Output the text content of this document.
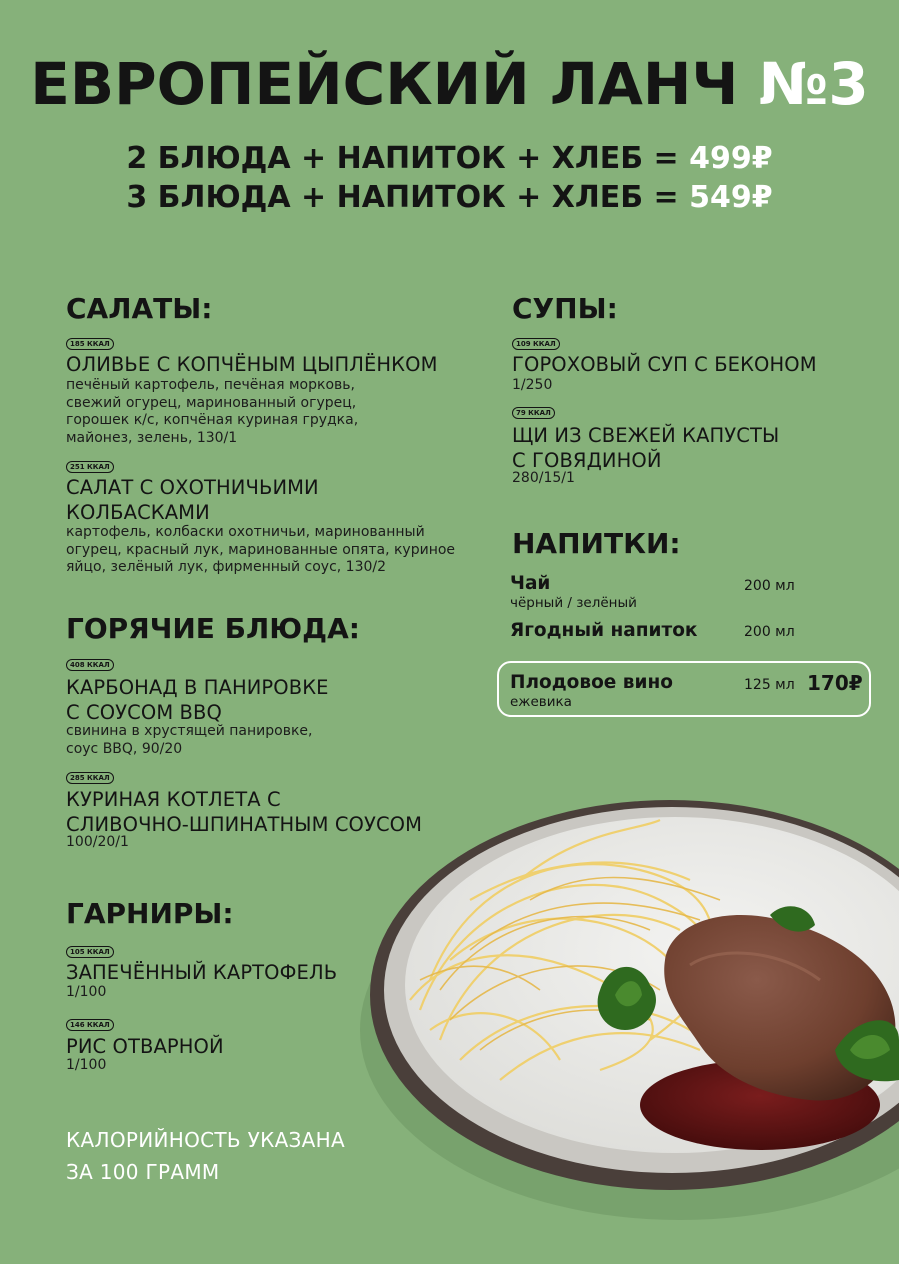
ЕВРОПЕЙСКИЙ ЛАНЧ №3
2 БЛЮДА + НАПИТОК + ХЛЕБ = 499₽
3 БЛЮДА + НАПИТОК + ХЛЕБ = 549₽
САЛАТЫ:
185 ККАЛ
ОЛИВЬЕ С КОПЧЁНЫМ ЦЫПЛЁНКОМ
печёный картофель, печёная морковь,
свежий огурец, маринованный огурец,
горошек к/с, копчёная куриная грудка,
майонез, зелень, 130/1
251 ККАЛ
САЛАТ С ОХОТНИЧЬИМИ
КОЛБАСКАМИ
картофель, колбаски охотничьи, маринованный
огурец, красный лук, маринованные опята, куриное
яйцо, зелёный лук, фирменный соус, 130/2
ГОРЯЧИЕ БЛЮДА:
408 ККАЛ
КАРБОНАД В ПАНИРОВКЕ
С СОУСОМ BBQ
свинина в хрустящей панировке,
соус BBQ, 90/20
285 ККАЛ
КУРИНАЯ КОТЛЕТА С
СЛИВОЧНО-ШПИНАТНЫМ СОУСОМ
100/20/1
ГАРНИРЫ:
105 ККАЛ
ЗАПЕЧЁННЫЙ КАРТОФЕЛЬ
1/100
146 ККАЛ
РИС ОТВАРНОЙ
1/100
СУПЫ:
109 ККАЛ
ГОРОХОВЫЙ СУП С БЕКОНОМ
1/250
79 ККАЛ
ЩИ ИЗ СВЕЖЕЙ КАПУСТЫ
С ГОВЯДИНОЙ
280/15/1
НАПИТКИ:
Чай
чёрный / зелёный
200 мл
Ягодный напиток	200 мл
Плодовое вино
ежевика
125 мл 170₽
КАЛОРИЙНОСТЬ УКАЗАНА
ЗА 100 ГРАММ
